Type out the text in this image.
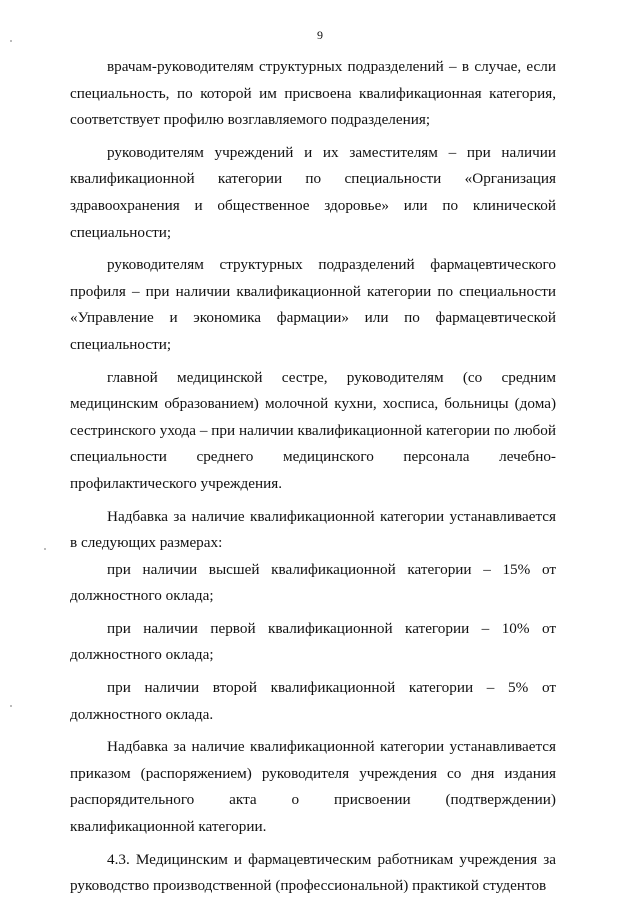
9

врачам-руководителям структурных подразделений – в случае, если специальность, по которой им присвоена квалификационная категория, соответствует профилю возглавляемого подразделения;

руководителям учреждений и их заместителям – при наличии квалификационной категории по специальности «Организация здравоохранения и общественное здоровье» или по клинической специальности;

руководителям структурных подразделений фармацевтического профиля – при наличии квалификационной категории по специальности «Управление и экономика фармации» или по фармацевтической специальности;

главной медицинской сестре, руководителям (со средним медицинским образованием) молочной кухни, хосписа, больницы (дома) сестринского ухода – при наличии квалификационной категории по любой специальности среднего медицинского персонала лечебно-профилактического учреждения.

Надбавка за наличие квалификационной категории устанавливается в следующих размерах:

при наличии высшей квалификационной категории – 15% от должностного оклада;

при наличии первой квалификационной категории – 10% от должностного оклада;

при наличии второй квалификационной категории – 5% от должностного оклада.

Надбавка за наличие квалификационной категории устанавливается приказом (распоряжением) руководителя учреждения со дня издания распорядительного акта о присвоении (подтверждении) квалификационной категории.

4.3. Медицинским и фармацевтическим работникам учреждения за руководство производственной (профессиональной) практикой студентов
